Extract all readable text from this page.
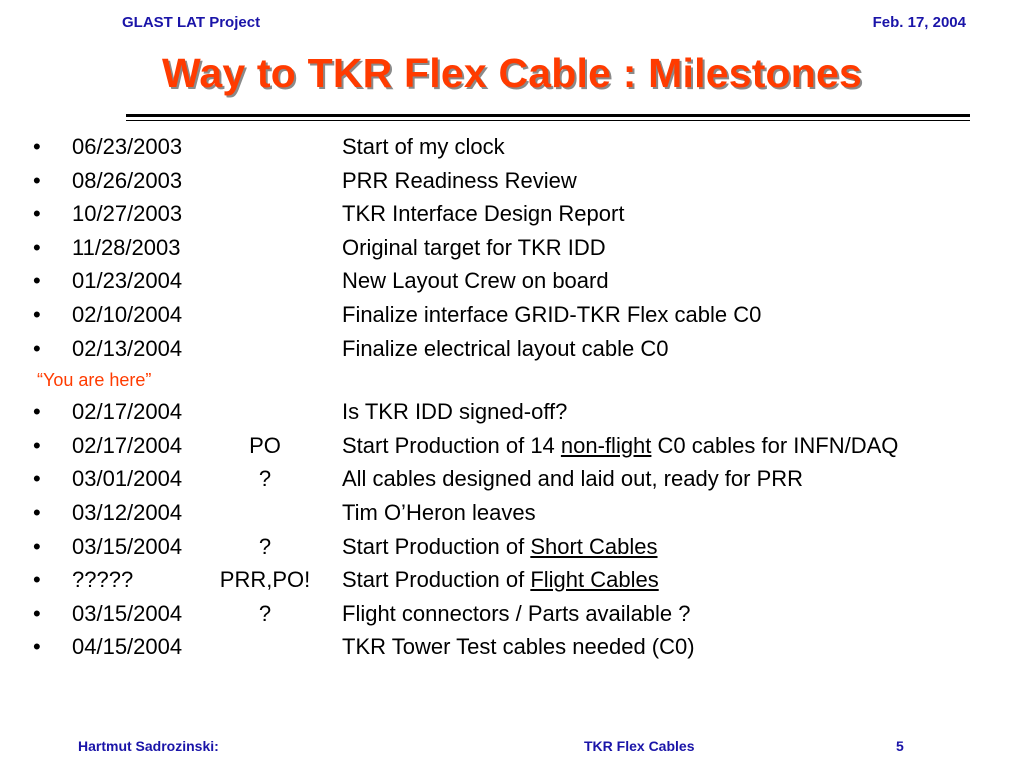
GLAST LAT Project	Feb. 17, 2004
Way to TKR Flex Cable : Milestones
• 06/23/2003	Start of my clock
• 08/26/2003	PRR Readiness Review
• 10/27/2003	TKR Interface Design Report
• 11/28/2003	Original target for TKR IDD
• 01/23/2004	New Layout Crew on board
• 02/10/2004	Finalize interface GRID-TKR Flex cable C0
• 02/13/2004	Finalize electrical layout cable C0
“You are here”
• 02/17/2004	Is TKR IDD signed-off?
• 02/17/2004	PO	Start Production of 14 non-flight C0 cables for INFN/DAQ
• 03/01/2004	?	All cables designed and laid out, ready for PRR
• 03/12/2004	Tim O’Heron leaves
• 03/15/2004	?	Start Production of Short Cables
• ?????	PRR,PO!	Start Production of Flight Cables
• 03/15/2004	?	Flight connectors / Parts available ?
• 04/15/2004	TKR Tower Test cables needed (C0)
Hartmut Sadrozinski:	TKR Flex Cables	5
